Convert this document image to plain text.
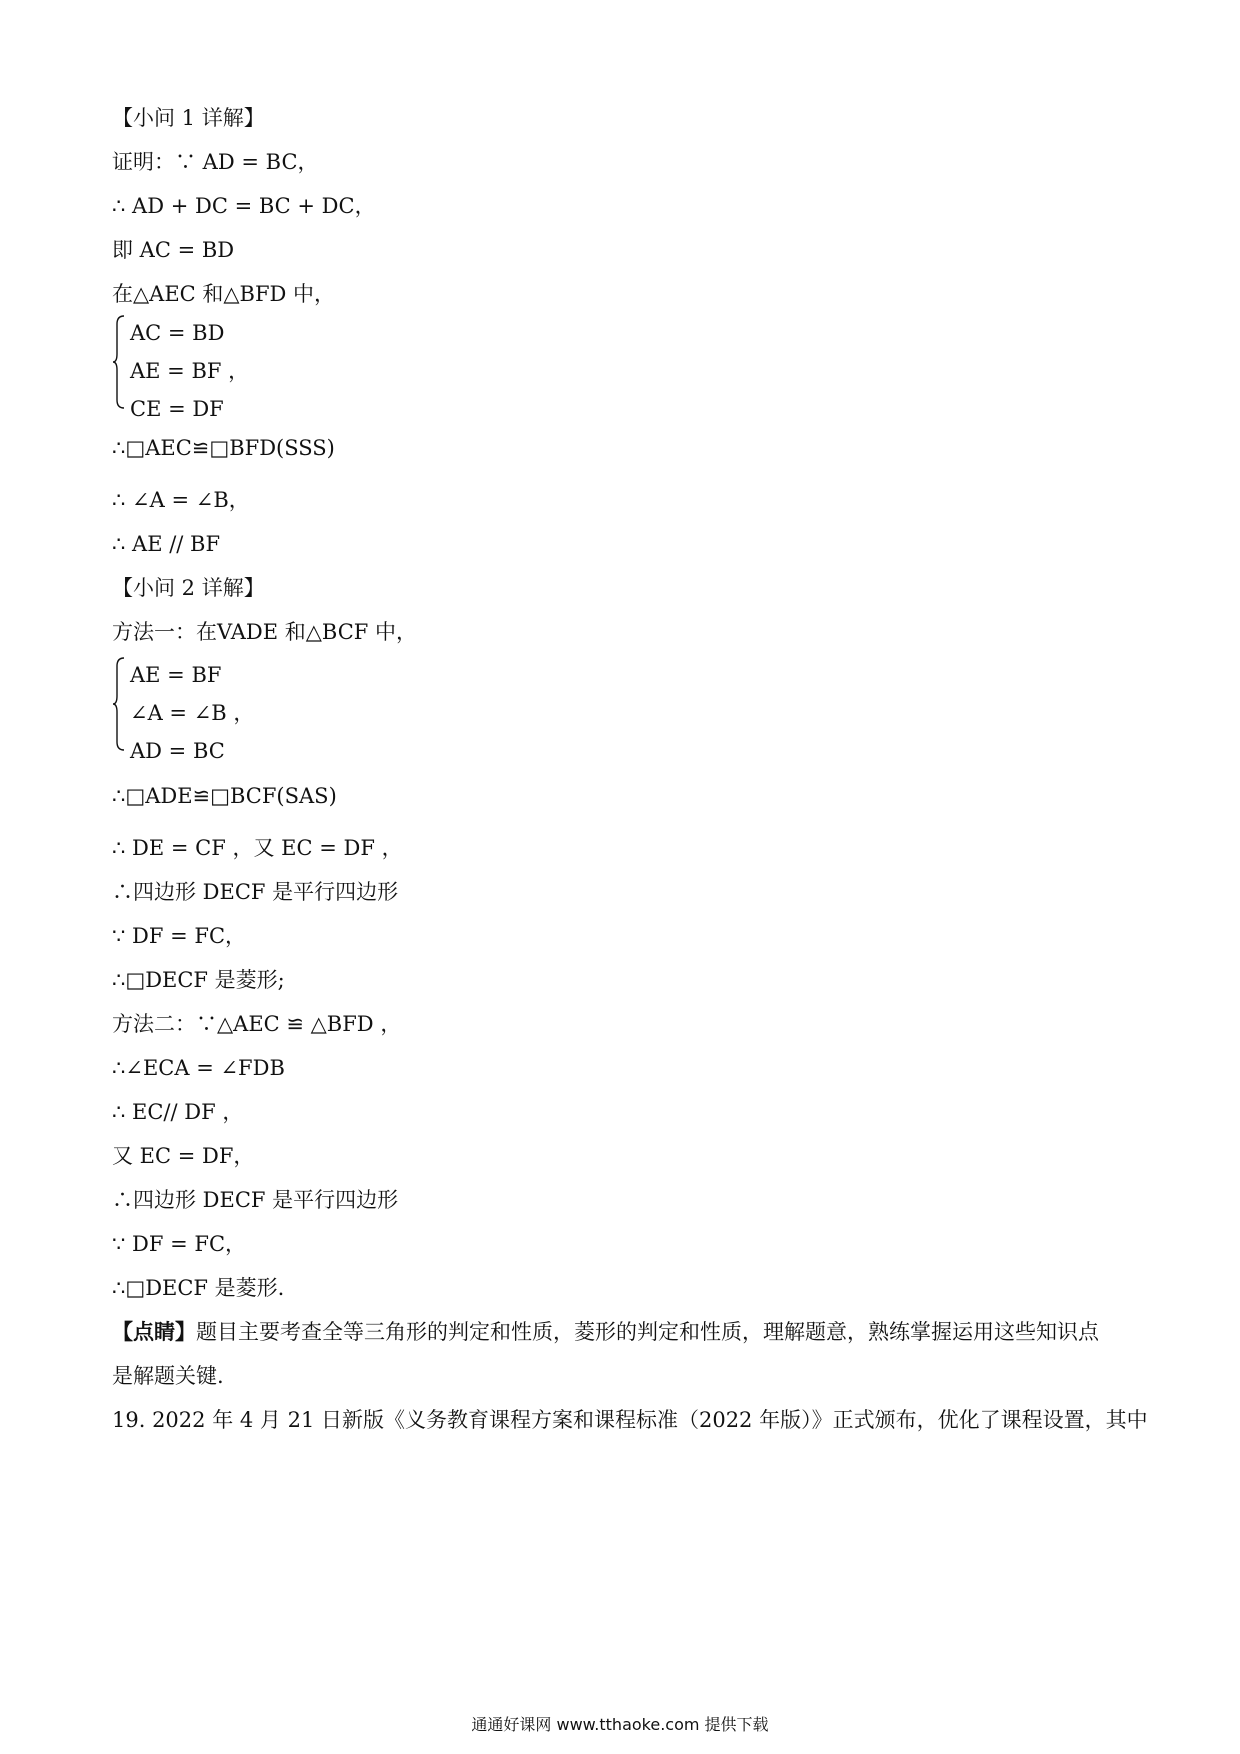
【小问 1 详解】
证明：∵ AD = BC，
∴ AD + DC = BC + DC，
即 AC = BD
在△AEC 和△BFD 中，
AC = BD
AE = BF ，
CE = DF
∴□AEC≌□BFD(SSS)
∴ ∠A = ∠B，
∴ AE // BF
【小问 2 详解】
方法一：在VADE 和△BCF 中，
AE = BF
∠A = ∠B ，
AD = BC
∴□ADE≌□BCF(SAS)
∴ DE = CF ，又 EC = DF ，
∴四边形 DECF 是平行四边形
∵ DF = FC，
∴□DECF 是菱形;
方法二：∵△AEC ≌ △BFD ，
∴∠ECA = ∠FDB
∴ EC// DF ，
又 EC = DF，
∴四边形 DECF 是平行四边形
∵ DF = FC，
∴□DECF 是菱形.
【点睛】题目主要考查全等三角形的判定和性质，菱形的判定和性质，理解题意，熟练掌握运用这些知识点
是解题关键.
19. 2022 年 4 月 21 日新版《义务教育课程方案和课程标准（2022 年版）》正式颁布，优化了课程设置，其中
通通好课网 www.tthaoke.com 提供下载
